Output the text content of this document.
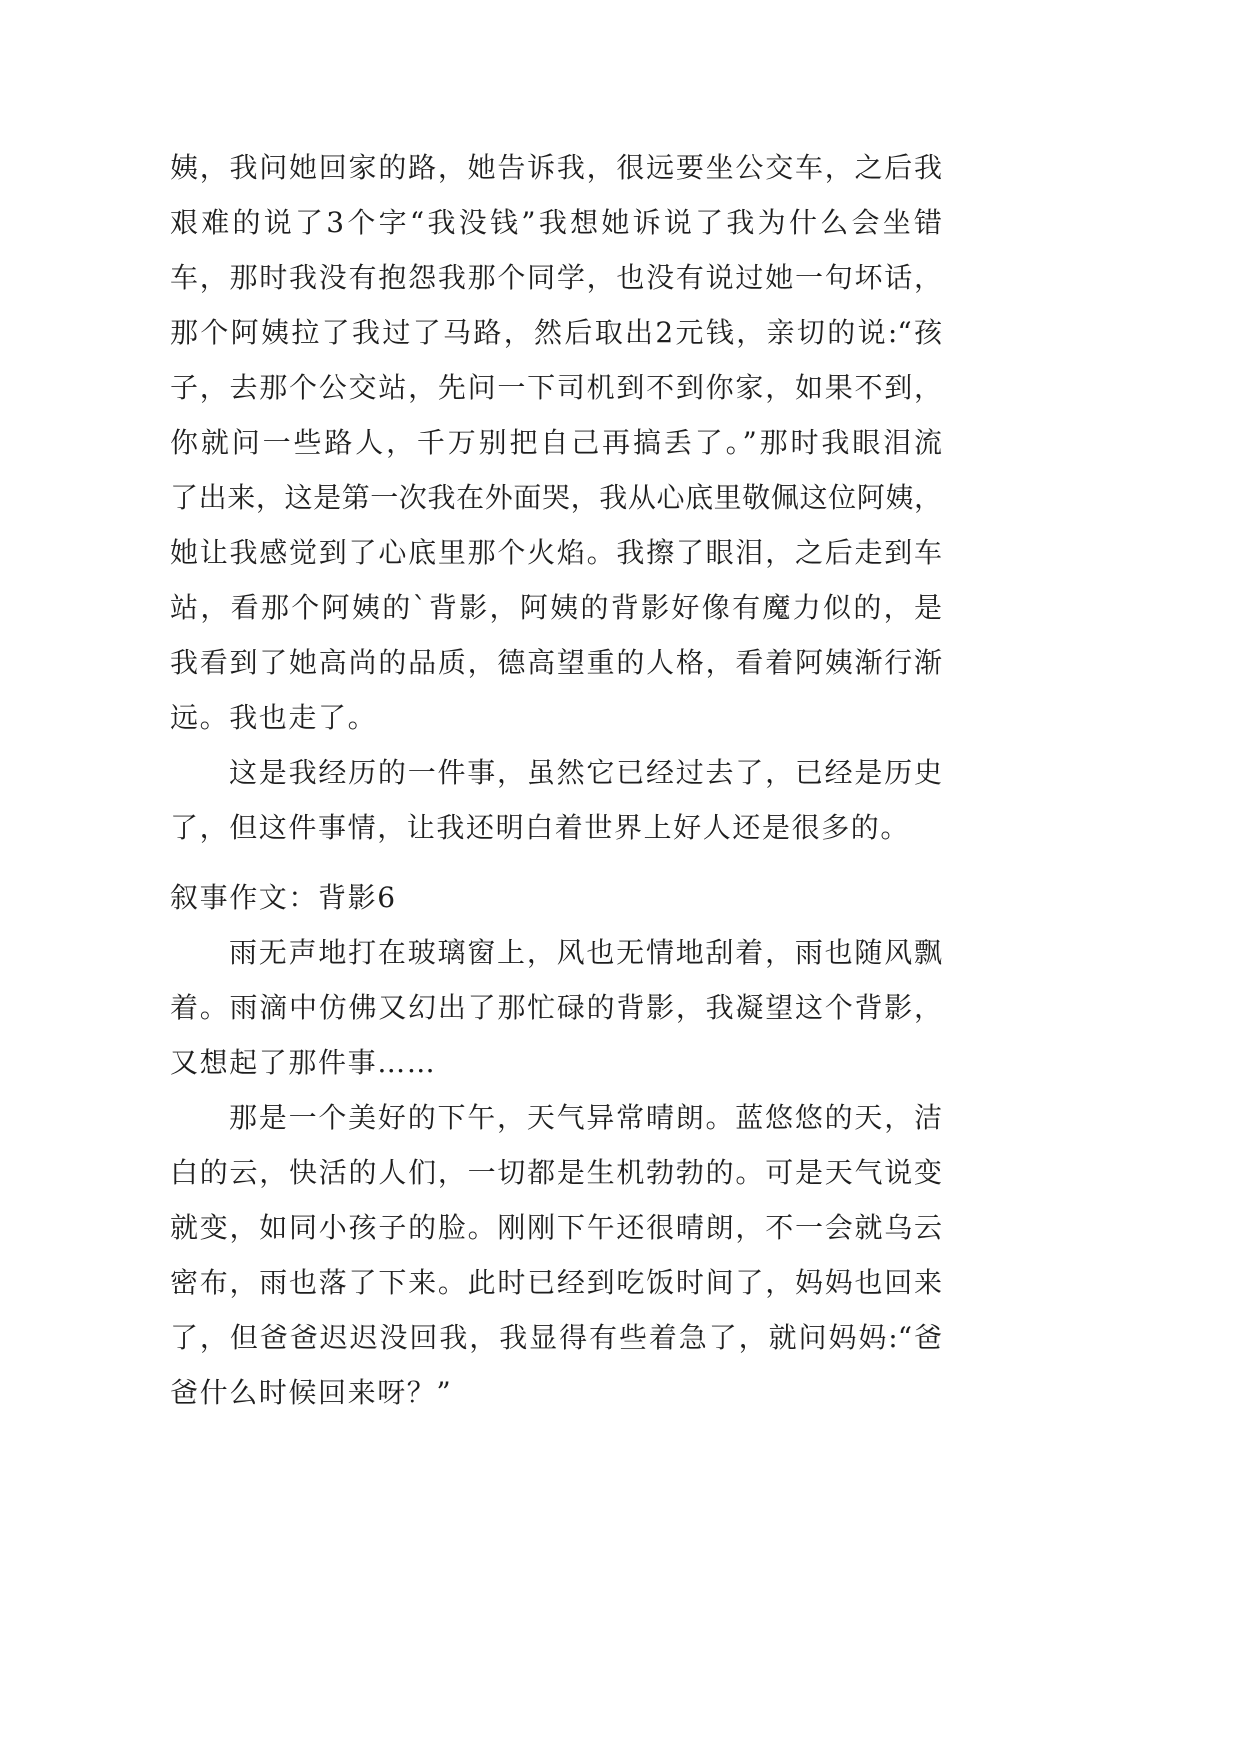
姨，我问她回家的路，她告诉我，很远要坐公交车，之后我
艰难的说了3个字“我没钱”我想她诉说了我为什么会坐错
车，那时我没有抱怨我那个同学，也没有说过她一句坏话，
那个阿姨拉了我过了马路，然后取出2元钱，亲切的说:“孩
子，去那个公交站，先问一下司机到不到你家，如果不到，
你就问一些路人，千万别把自己再搞丢了。”那时我眼泪流
了出来，这是第一次我在外面哭，我从心底里敬佩这位阿姨，
她让我感觉到了心底里那个火焰。我擦了眼泪，之后走到车
站，看那个阿姨的`背影，阿姨的背影好像有魔力似的，是
我看到了她高尚的品质，德高望重的人格，看着阿姨渐行渐
远。我也走了。
这是我经历的一件事，虽然它已经过去了，已经是历史
了，但这件事情，让我还明白着世界上好人还是很多的。
叙事作文：背影6
雨无声地打在玻璃窗上，风也无情地刮着，雨也随风飘
着。雨滴中仿佛又幻出了那忙碌的背影，我凝望这个背影，
又想起了那件事……
那是一个美好的下午，天气异常晴朗。蓝悠悠的天，洁
白的云，快活的人们，一切都是生机勃勃的。可是天气说变
就变，如同小孩子的脸。刚刚下午还很晴朗，不一会就乌云
密布，雨也落了下来。此时已经到吃饭时间了，妈妈也回来
了，但爸爸迟迟没回我，我显得有些着急了，就问妈妈:“爸
爸什么时候回来呀？”
